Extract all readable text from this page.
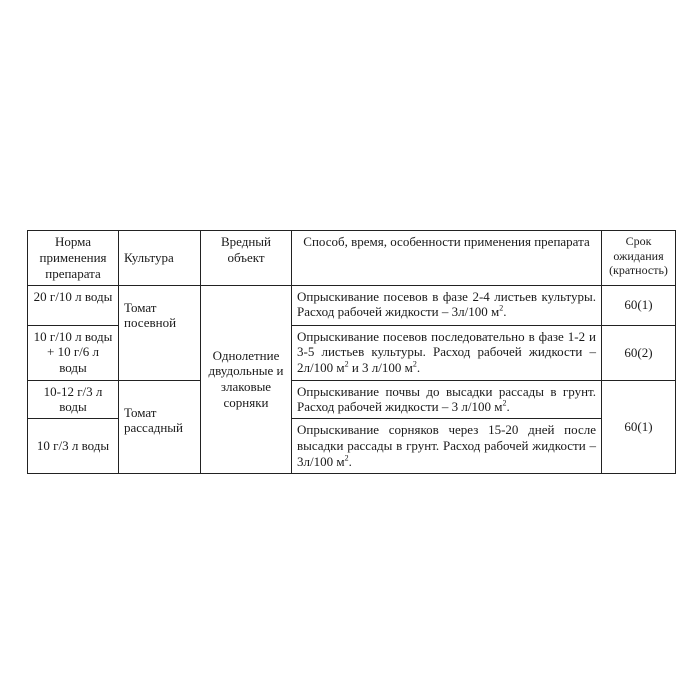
Норма применения препарата	Культура	Вредный объект	Способ, время, особенности применения препарата	Срок ожидания (кратность)
20 г/10 л воды	Томат посевной	Однолетние двудольные и злаковые сорняки	Опрыскивание посевов в фазе 2-4 листьев культуры. Расход рабочей жидкости – 3л/100 $м^2$.	60(1)
10 г/10 л воды + 10 г/6 л воды			Опрыскивание посевов последовательно в фазе 1-2 и 3-5 листьев культуры. Расход рабочей жидкости – 2л/100 $м^2$ и 3 л/100 $м^2$.	60(2)
10-12 г/3 л воды	Томат рассадный		Опрыскивание почвы до высадки рассады в грунт. Расход рабочей жидкости – 3 л/100 $м^2$.	60(1)
10 г/3 л воды			Опрыскивание сорняков через 15-20 дней после высадки рассады в грунт. Расход рабочей жидкости – 3л/100 $м^2$.	
